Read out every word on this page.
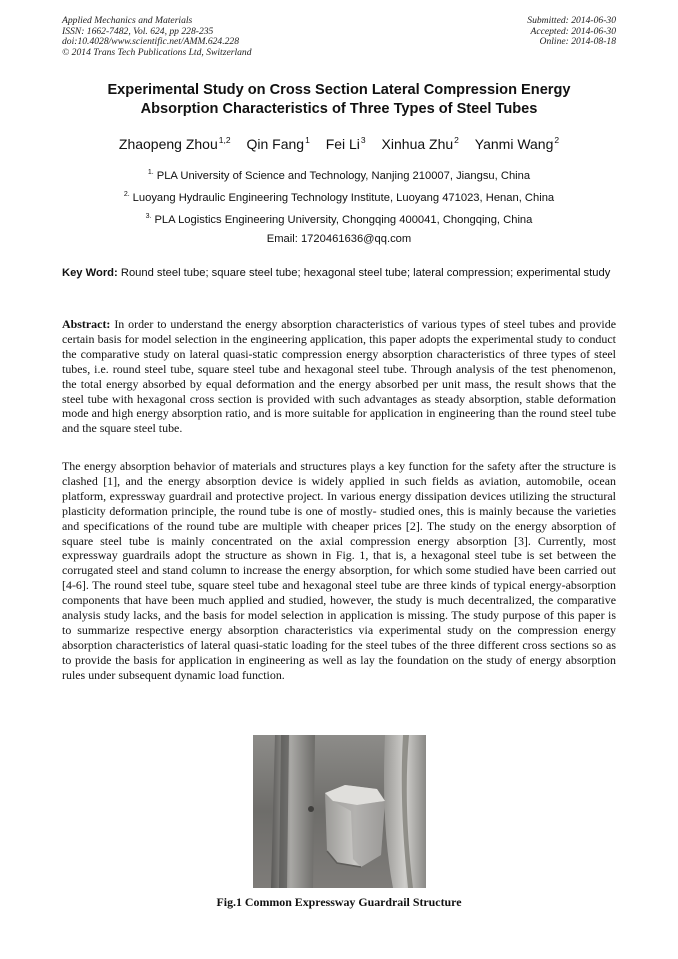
Applied Mechanics and Materials
ISSN: 1662-7482, Vol. 624, pp 228-235
doi:10.4028/www.scientific.net/AMM.624.228
© 2014 Trans Tech Publications Ltd, Switzerland
Submitted: 2014-06-30
Accepted: 2014-06-30
Online: 2014-08-18
Experimental Study on Cross Section Lateral Compression Energy
Absorption Characteristics of Three Types of Steel Tubes
Zhaopeng Zhou$^{1,2}$ Qin Fang$^1$ Fei Li$^3$ Xinhua Zhu$^2$ Yanmi Wang$^2$
$^{1.}$ PLA University of Science and Technology, Nanjing 210007, Jiangsu, China
$^{2.}$ Luoyang Hydraulic Engineering Technology Institute, Luoyang 471023, Henan, China
$^{3.}$ PLA Logistics Engineering University, Chongqing 400041, Chongqing, China
Email: 1720461636@qq.com
Key Word: Round steel tube; square steel tube; hexagonal steel tube; lateral compression; experimental study
Abstract: In order to understand the energy absorption characteristics of various types of steel tubes and provide certain basis for model selection in the engineering application, this paper adopts the experimental study to conduct the comparative study on lateral quasi-static compression energy absorption characteristics of three types of steel tubes, i.e. round steel tube, square steel tube and hexagonal steel tube. Through analysis of the test phenomenon, the total energy absorbed by equal deformation and the energy absorbed per unit mass, the result shows that the steel tube with hexagonal cross section is provided with such advantages as steady absorption, stable deformation mode and high energy absorption ratio, and is more suitable for application in engineering than the round steel tube and the square steel tube.
The energy absorption behavior of materials and structures plays a key function for the safety after the structure is clashed [1], and the energy absorption device is widely applied in such fields as aviation, automobile, ocean platform, expressway guardrail and protective project. In various energy dissipation devices utilizing the structural plasticity deformation principle, the round tube is one of mostly- studied ones, this is mainly because the varieties and specifications of the round tube are multiple with cheaper prices [2]. The study on the energy absorption of square steel tube is mainly concentrated on the axial compression energy absorption [3]. Currently, most expressway guardrails adopt the structure as shown in Fig. 1, that is, a hexagonal steel tube is set between the corrugated steel and stand column to increase the energy absorption, for which some studied have been carried out [4-6]. The round steel tube, square steel tube and hexagonal steel tube are three kinds of typical energy-absorption components that have been much applied and studied, however, the study is much decentralized, the comparative analysis study lacks, and the basis for model selection in application is missing. The study purpose of this paper is to summarize respective energy absorption characteristics via experimental study on the compression energy absorption characteristics of lateral quasi-static loading for the steel tubes of the three different cross sections so as to provide the basis for application in engineering as well as lay the foundation on the study of energy absorption rules under subsequent dynamic load function.
Fig.1 Common Expressway Guardrail Structure
